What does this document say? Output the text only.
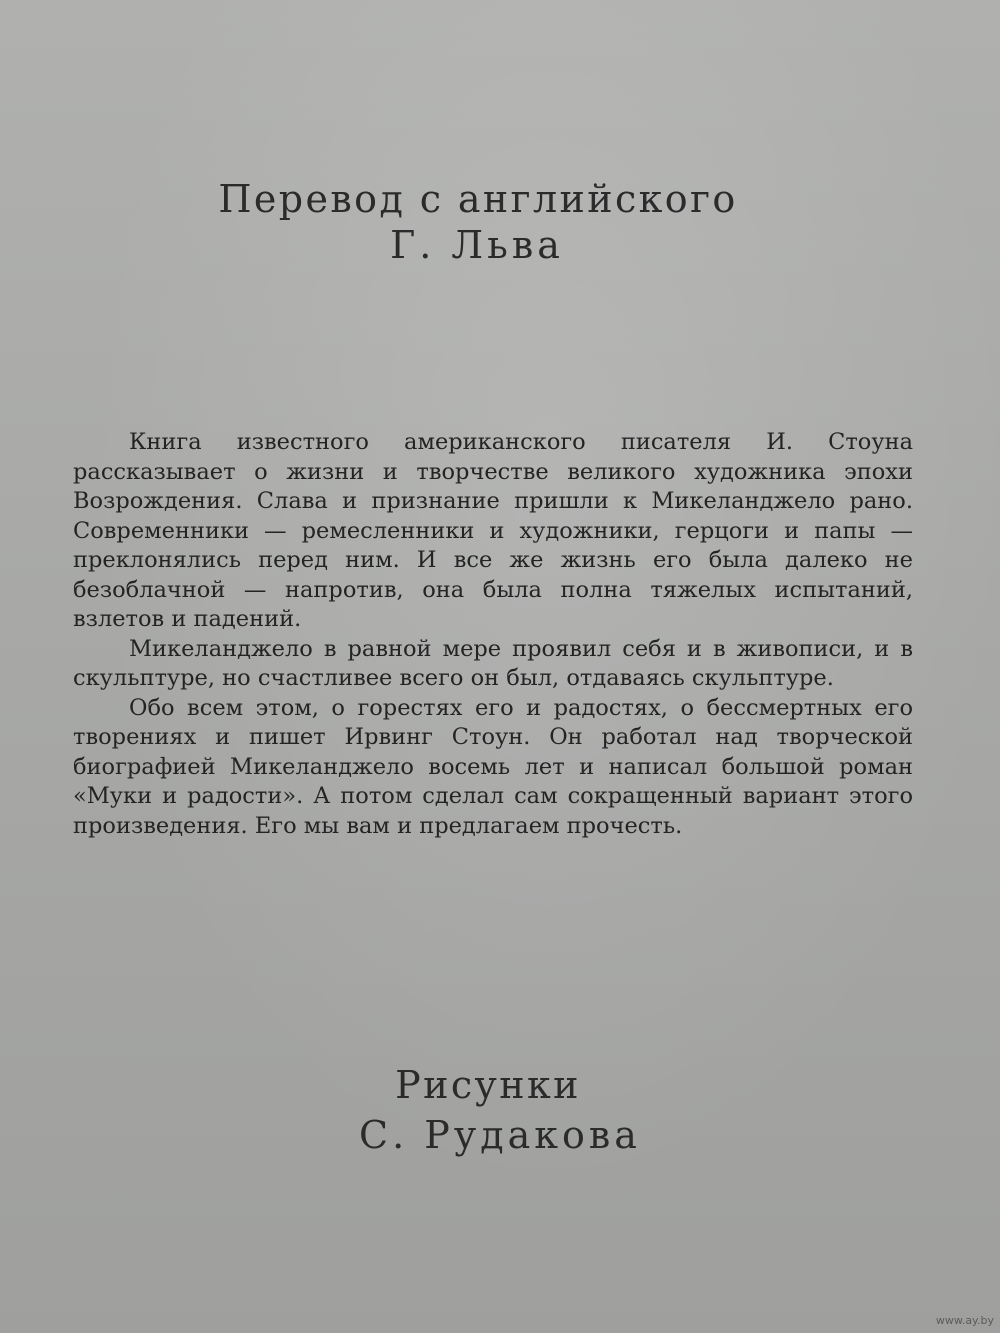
Перевод с английского
Г. Льва

Книга известного американского писателя И. Стоуна рассказывает о жизни и творчестве великого художника эпохи Возрождения. Слава и признание пришли к Микеланджело рано. Современники — ремесленники и художники, герцоги и папы — преклонялись перед ним. И все же жизнь его была далеко не безоблачной — напротив, она была полна тяжелых испытаний, взлетов и падений.

Микеланджело в равной мере проявил себя и в живописи, и в скульптуре, но счастливее всего он был, отдаваясь скульптуре.

Обо всем этом, о горестях его и радостях, о бессмертных его творениях и пишет Ирвинг Стоун. Он работал над творческой биографией Микеланджело восемь лет и написал большой роман «Муки и радости». А потом сделал сам сокращенный вариант этого произведения. Его мы вам и предлагаем прочесть.

Рисунки
С. Рудакова
www.ay.by
